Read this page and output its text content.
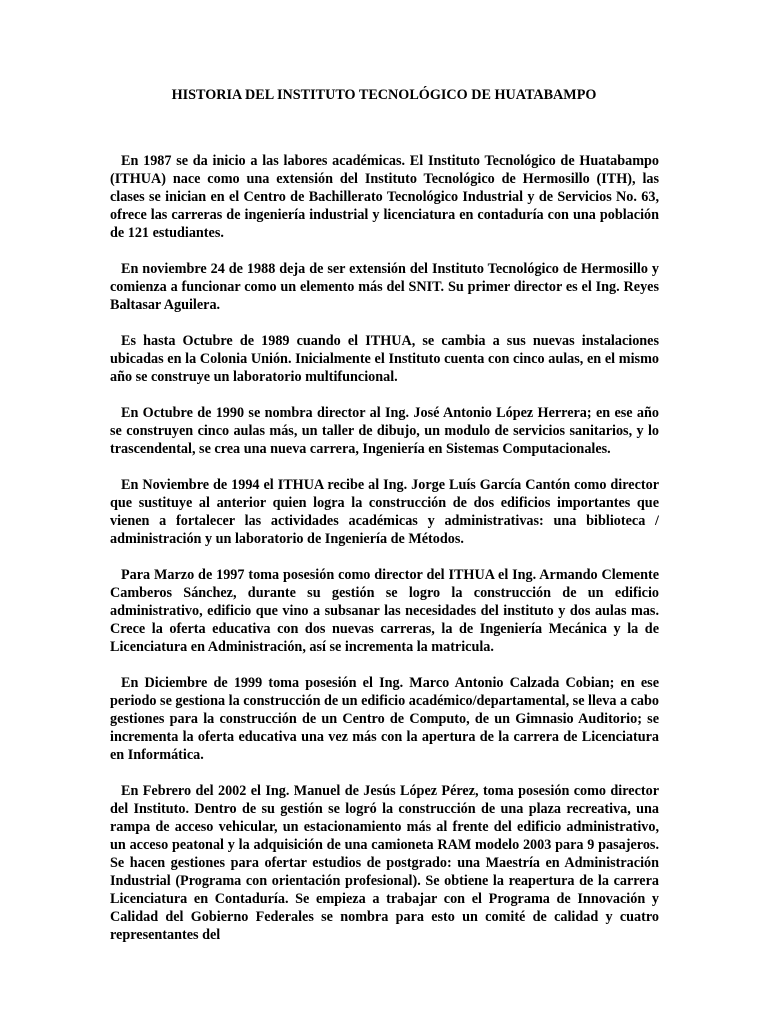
HISTORIA DEL INSTITUTO TECNOLÓGICO DE HUATABAMPO

En 1987 se da inicio a las labores académicas. El Instituto Tecnológico de Huatabampo (ITHUA) nace como una extensión del Instituto Tecnológico de Hermosillo (ITH), las clases se inician en el Centro de Bachillerato Tecnológico Industrial y de Servicios No. 63, ofrece las carreras de ingeniería industrial y licenciatura en contaduría con una población de 121 estudiantes.

En noviembre 24 de 1988 deja de ser extensión del Instituto Tecnológico de Hermosillo y comienza a funcionar como un elemento más del SNIT. Su primer director es el Ing. Reyes Baltasar Aguilera.

Es hasta Octubre de 1989 cuando el ITHUA, se cambia a sus nuevas instalaciones ubicadas en la Colonia Unión. Inicialmente el Instituto cuenta con cinco aulas, en el mismo año se construye un laboratorio multifuncional.

En Octubre de 1990 se nombra director al Ing. José Antonio López Herrera; en ese año se construyen cinco aulas más, un taller de dibujo, un modulo de servicios sanitarios, y lo trascendental, se crea una nueva carrera, Ingeniería en Sistemas Computacionales.

En Noviembre de 1994 el ITHUA recibe al Ing. Jorge Luís García Cantón como director que sustituye al anterior quien logra la construcción de dos edificios importantes que vienen a fortalecer las actividades académicas y administrativas: una biblioteca / administración y un laboratorio de Ingeniería de Métodos.

Para Marzo de 1997 toma posesión como director del ITHUA el Ing. Armando Clemente Camberos Sánchez, durante su gestión se logro la construcción de un edificio administrativo, edificio que vino a subsanar las necesidades del instituto y dos aulas mas. Crece la oferta educativa con dos nuevas carreras, la de Ingeniería Mecánica y la de Licenciatura en Administración, así se incrementa la matricula.

En Diciembre de 1999 toma posesión el Ing. Marco Antonio Calzada Cobian; en ese periodo se gestiona la construcción de un edificio académico/departamental, se lleva a cabo gestiones para la construcción de un Centro de Computo, de un Gimnasio Auditorio; se incrementa la oferta educativa una vez más con la apertura de la carrera de Licenciatura en Informática.

En Febrero del 2002 el Ing. Manuel de Jesús López Pérez, toma posesión como director del Instituto. Dentro de su gestión se logró la construcción de una plaza recreativa, una rampa de acceso vehicular, un estacionamiento más al frente del edificio administrativo, un acceso peatonal y la adquisición de una camioneta RAM modelo 2003 para 9 pasajeros. Se hacen gestiones para ofertar estudios de postgrado: una Maestría en Administración Industrial (Programa con orientación profesional). Se obtiene la reapertura de la carrera Licenciatura en Contaduría. Se empieza a trabajar con el Programa de Innovación y Calidad del Gobierno Federales se nombra para esto un comité de calidad y cuatro representantes del
